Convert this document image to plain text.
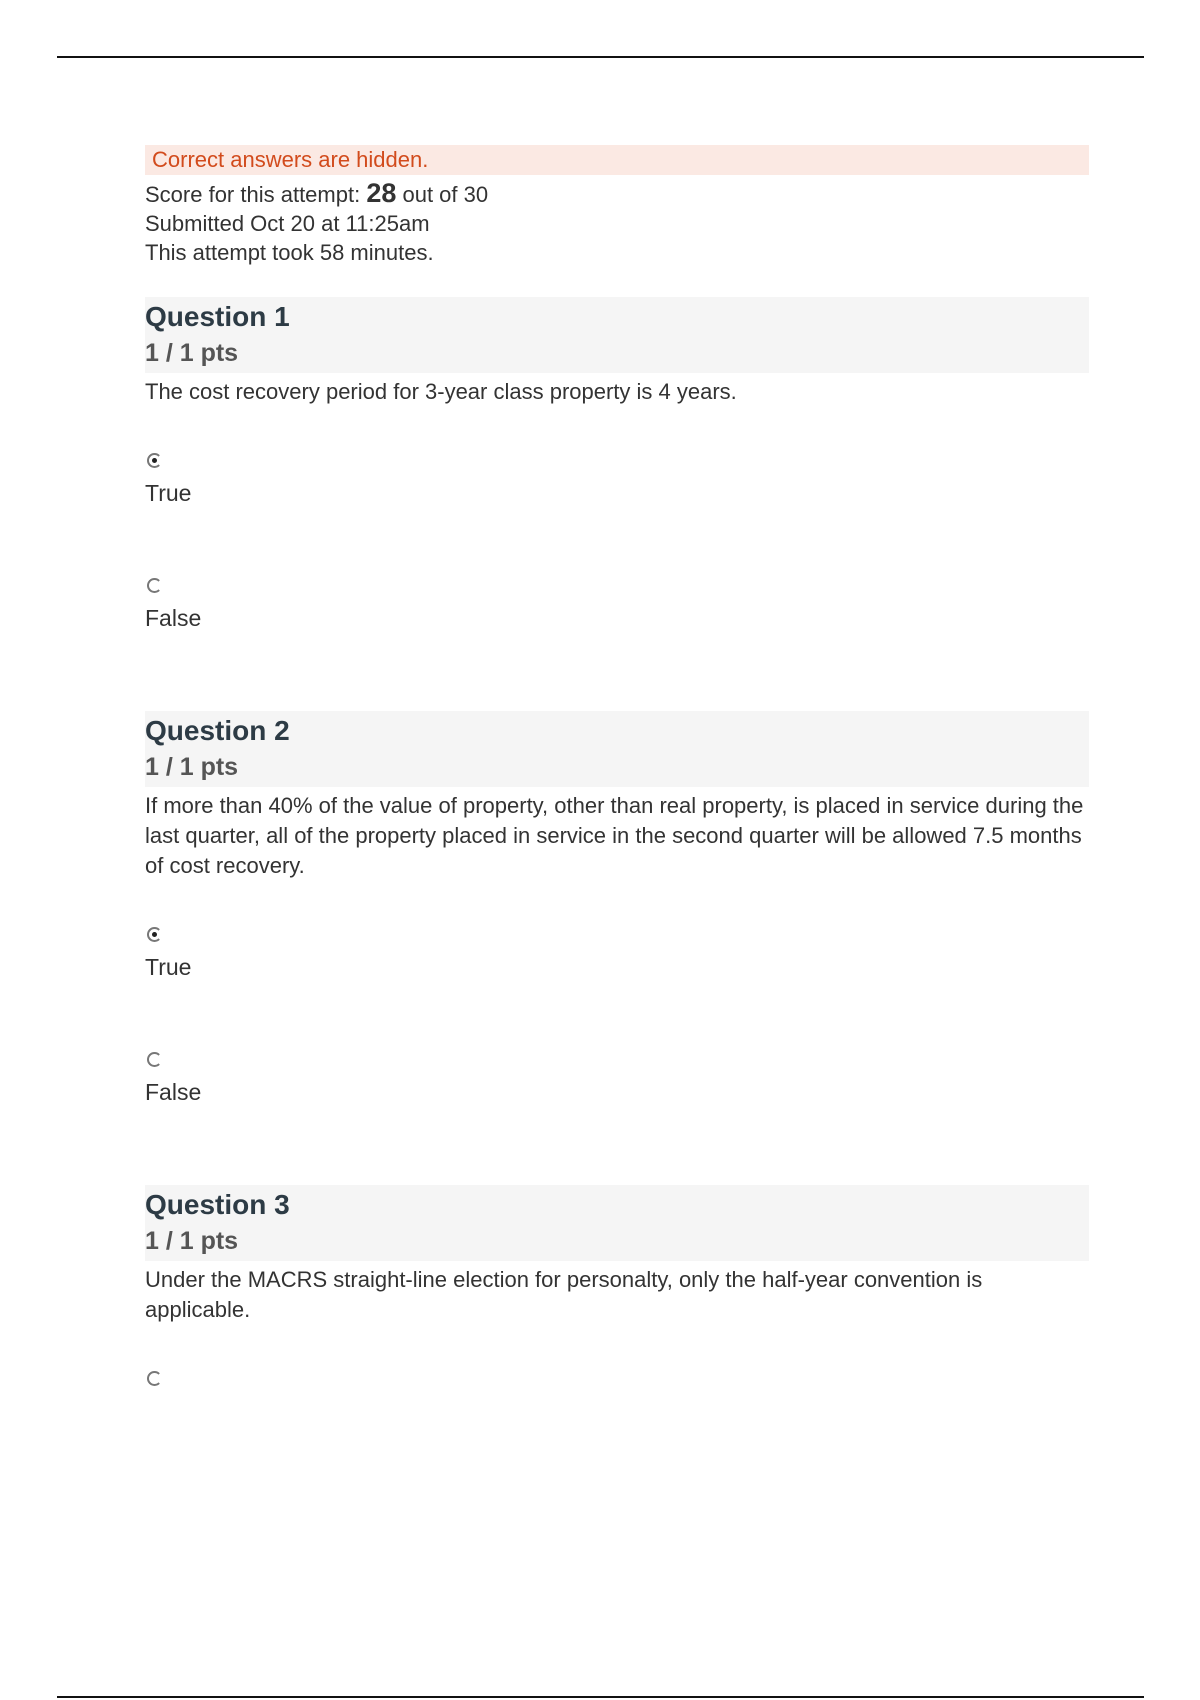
Correct answers are hidden.
Score for this attempt: 28 out of 30
Submitted Oct 20 at 11:25am
This attempt took 58 minutes.
Question 1
1 / 1 pts
The cost recovery period for 3-year class property is 4 years.
True
False
Question 2
1 / 1 pts
If more than 40% of the value of property, other than real property, is placed in service during the last quarter, all of the property placed in service in the second quarter will be allowed 7.5 months of cost recovery.
True
False
Question 3
1 / 1 pts
Under the MACRS straight-line election for personalty, only the half-year convention is applicable.
